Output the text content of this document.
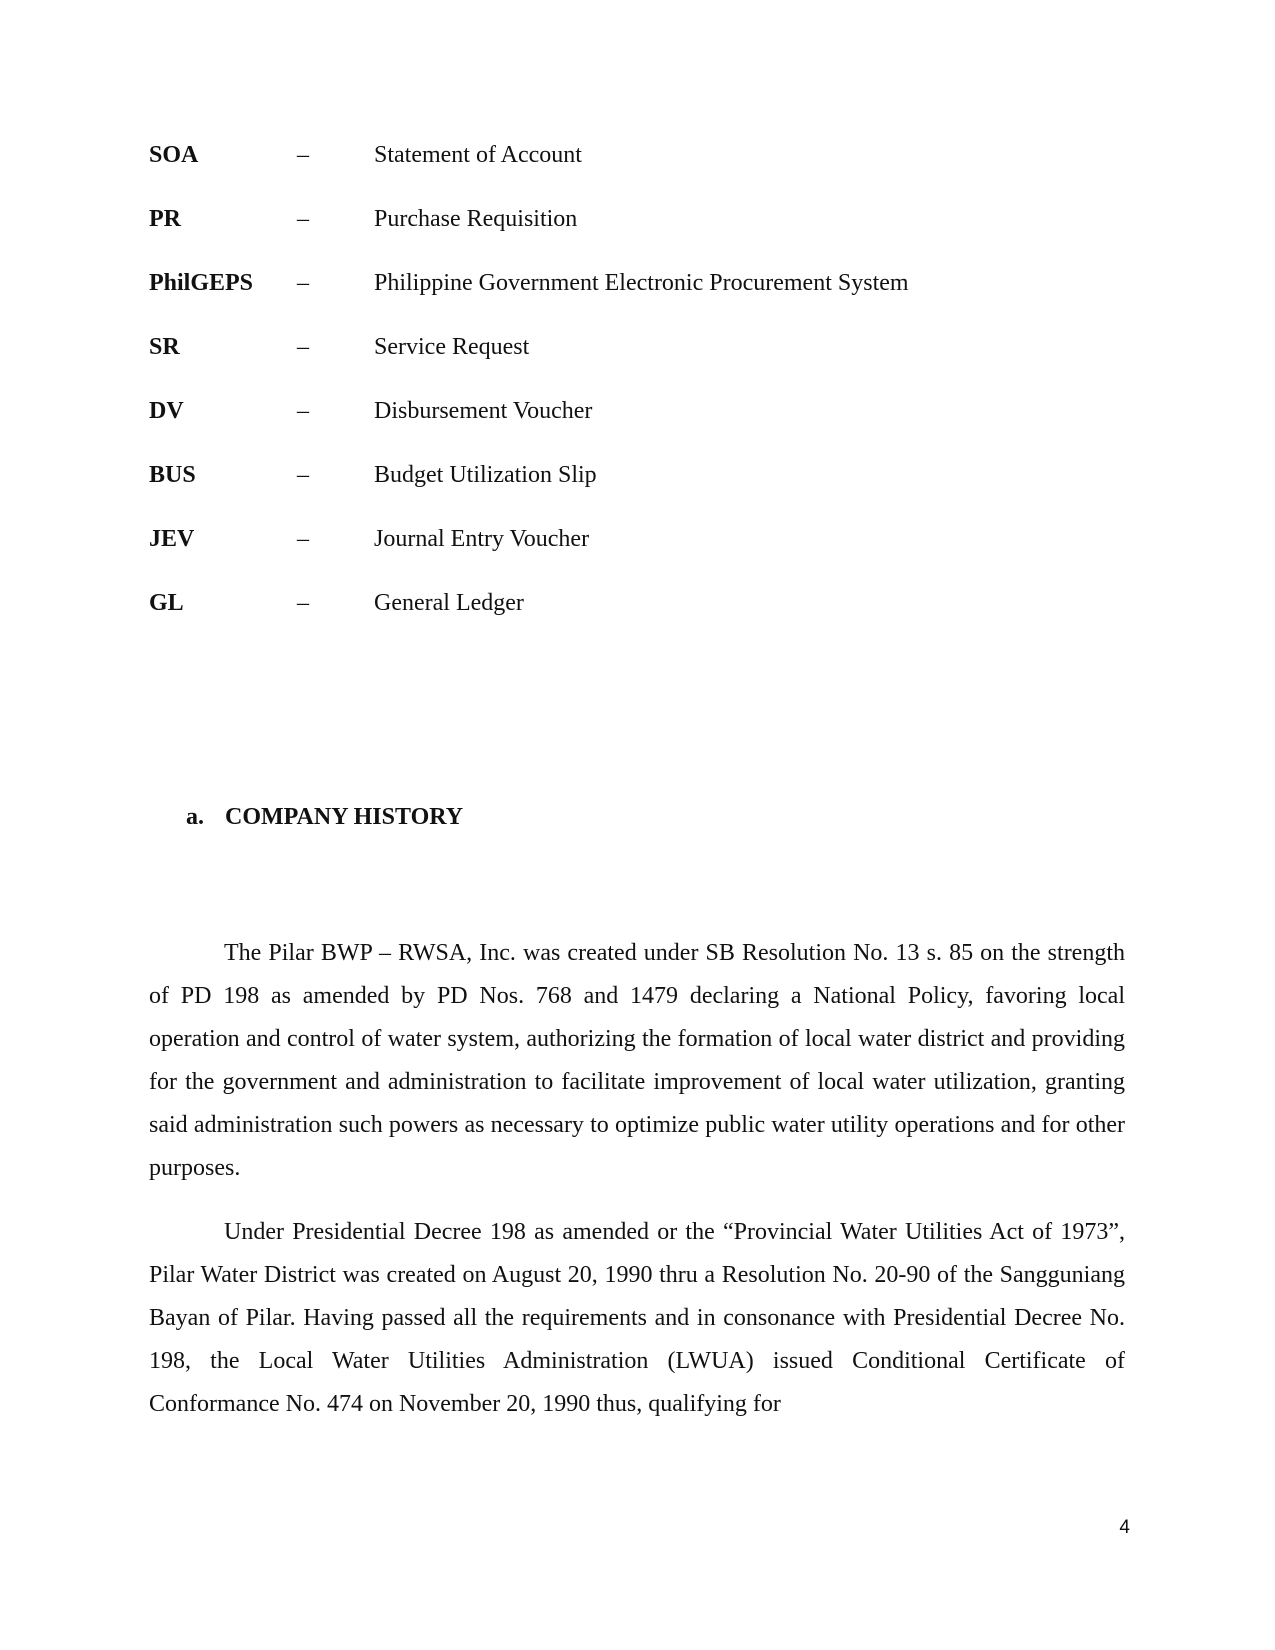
SOA	–	Statement of Account
PR	–	Purchase Requisition
PhilGEPS	–	Philippine Government Electronic Procurement System
SR	–	Service Request
DV	–	Disbursement Voucher
BUS	–	Budget Utilization Slip
JEV	–	Journal Entry Voucher
GL	–	General Ledger
a. COMPANY HISTORY

The Pilar BWP – RWSA, Inc. was created under SB Resolution No. 13 s. 85 on the strength of PD 198 as amended by PD Nos. 768 and 1479 declaring a National Policy, favoring local operation and control of water system, authorizing the formation of local water district and providing for the government and administration to facilitate improvement of local water utilization, granting said administration such powers as necessary to optimize public water utility operations and for other purposes.

Under Presidential Decree 198 as amended or the “Provincial Water Utilities Act of 1973”, Pilar Water District was created on August 20, 1990 thru a Resolution No. 20-90 of the Sangguniang Bayan of Pilar. Having passed all the requirements and in consonance with Presidential Decree No. 198, the Local Water Utilities Administration (LWUA) issued Conditional Certificate of Conformance No. 474 on November 20, 1990 thus, qualifying for

4
